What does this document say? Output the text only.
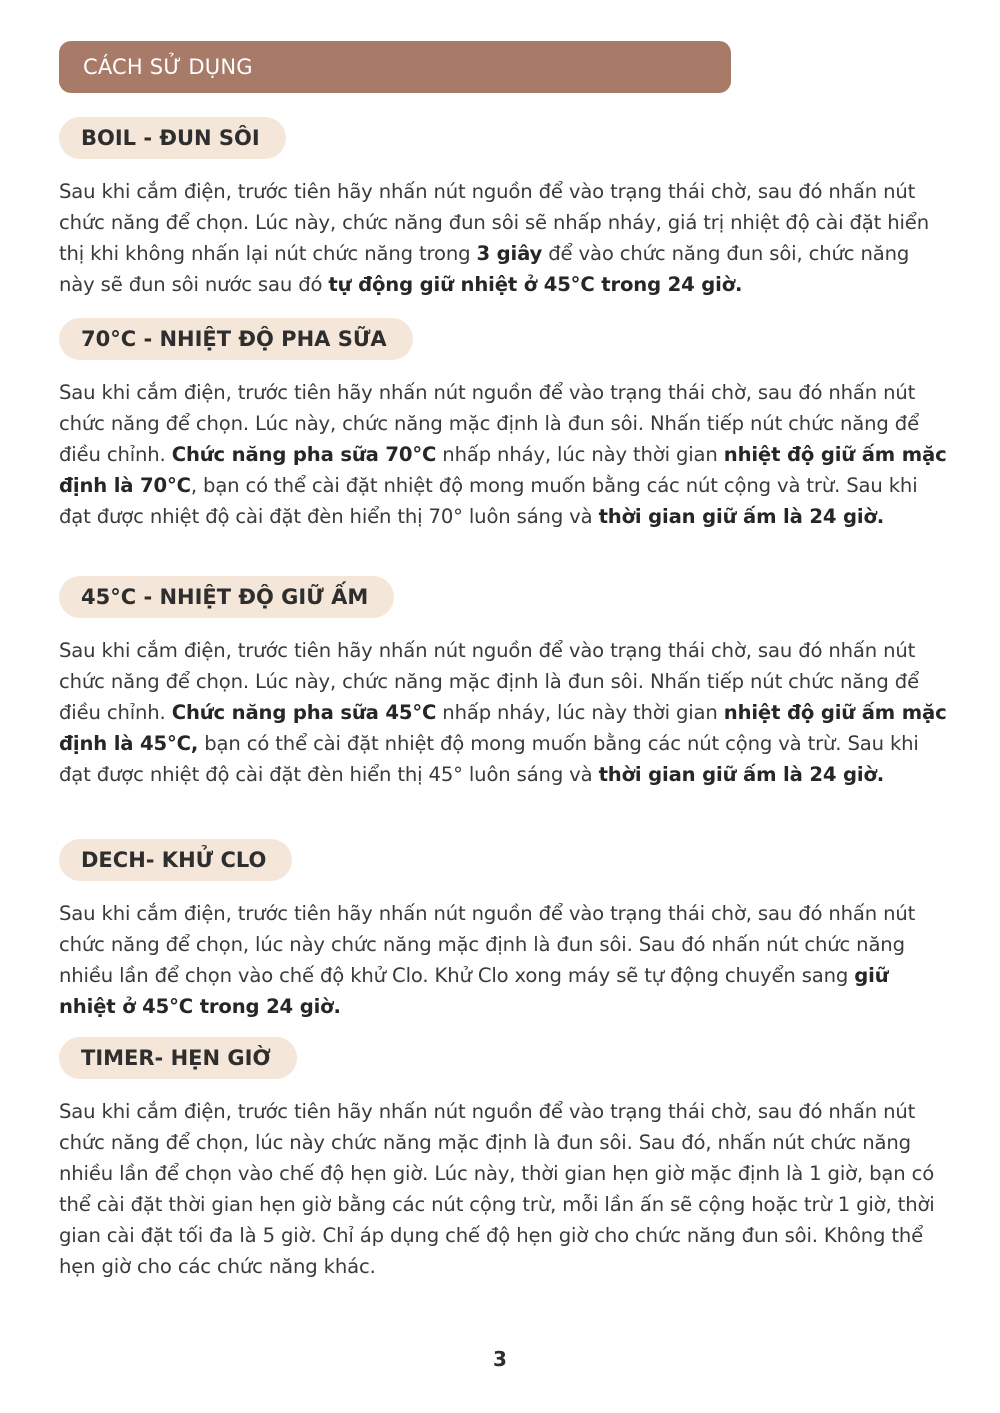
CÁCH SỬ DỤNG
BOIL - ĐUN SÔI

Sau khi cắm điện, trước tiên hãy nhấn nút nguồn để vào trạng thái chờ, sau đó nhấn nút chức năng để chọn. Lúc này, chức năng đun sôi sẽ nhấp nháy, giá trị nhiệt độ cài đặt hiển thị khi không nhấn lại nút chức năng trong 3 giây để vào chức năng đun sôi, chức năng này sẽ đun sôi nước sau đó tự động giữ nhiệt ở 45°C trong 24 giờ.

70°C - NHIỆT ĐỘ PHA SỮA

Sau khi cắm điện, trước tiên hãy nhấn nút nguồn để vào trạng thái chờ, sau đó nhấn nút chức năng để chọn. Lúc này, chức năng mặc định là đun sôi. Nhấn tiếp nút chức năng để điều chỉnh. Chức năng pha sữa 70°C nhấp nháy, lúc này thời gian nhiệt độ giữ ấm mặc định là 70°C, bạn có thể cài đặt nhiệt độ mong muốn bằng các nút cộng và trừ. Sau khi đạt được nhiệt độ cài đặt đèn hiển thị 70° luôn sáng và thời gian giữ ấm là 24 giờ.

45°C - NHIỆT ĐỘ GIỮ ẤM

Sau khi cắm điện, trước tiên hãy nhấn nút nguồn để vào trạng thái chờ, sau đó nhấn nút chức năng để chọn. Lúc này, chức năng mặc định là đun sôi. Nhấn tiếp nút chức năng để điều chỉnh. Chức năng pha sữa 45°C nhấp nháy, lúc này thời gian nhiệt độ giữ ấm mặc định là 45°C, bạn có thể cài đặt nhiệt độ mong muốn bằng các nút cộng và trừ. Sau khi đạt được nhiệt độ cài đặt đèn hiển thị 45° luôn sáng và thời gian giữ ấm là 24 giờ.

DECH- KHỬ CLO

Sau khi cắm điện, trước tiên hãy nhấn nút nguồn để vào trạng thái chờ, sau đó nhấn nút chức năng để chọn, lúc này chức năng mặc định là đun sôi. Sau đó nhấn nút chức năng nhiều lần để chọn vào chế độ khử Clo. Khử Clo xong máy sẽ tự động chuyển sang giữ nhiệt ở 45°C trong 24 giờ.

TIMER- HẸN GIỜ

Sau khi cắm điện, trước tiên hãy nhấn nút nguồn để vào trạng thái chờ, sau đó nhấn nút chức năng để chọn, lúc này chức năng mặc định là đun sôi. Sau đó, nhấn nút chức năng nhiều lần để chọn vào chế độ hẹn giờ. Lúc này, thời gian hẹn giờ mặc định là 1 giờ, bạn có thể cài đặt thời gian hẹn giờ bằng các nút cộng trừ, mỗi lần ấn sẽ cộng hoặc trừ 1 giờ, thời gian cài đặt tối đa là 5 giờ. Chỉ áp dụng chế độ hẹn giờ cho chức năng đun sôi. Không thể hẹn giờ cho các chức năng khác.

3
